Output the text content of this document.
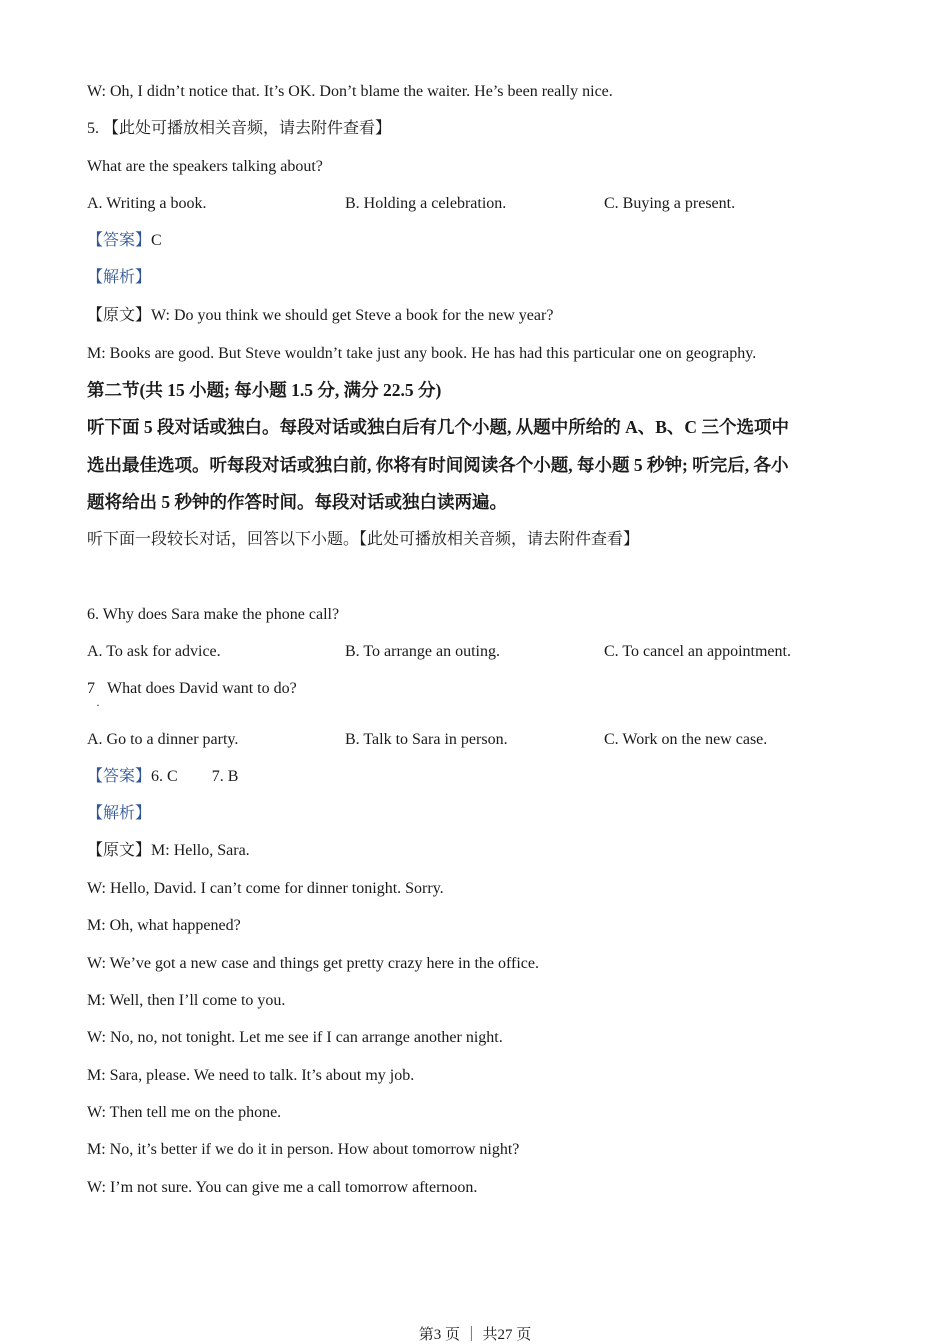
W: Oh, I didn’t notice that. It’s OK. Don’t blame the waiter. He’s been really nice.
5. 【此处可播放相关音频，请去附件查看】
What are the speakers talking about?
A. Writing a book.	B. Holding a celebration.	C. Buying a present.
【答案】C
【解析】
【原文】W: Do you think we should get Steve a book for the new year?
M: Books are good. But Steve wouldn’t take just any book. He has had this particular one on geography.
第二节(共 15 小题; 每小题 1.5 分, 满分 22.5 分)
听下面 5 段对话或独白。每段对话或独白后有几个小题, 从题中所给的 A、B、C 三个选项中
选出最佳选项。听每段对话或独白前, 你将有时间阅读各个小题, 每小题 5 秒钟; 听完后, 各小
题将给出 5 秒钟的作答时间。每段对话或独白读两遍。
听下面一段较长对话，回答以下小题。【此处可播放相关音频，请去附件查看】
6. Why does Sara make the phone call?
A. To ask for advice.	B. To arrange an outing.	C. To cancel an appointment.
7 What does David want to do?
·
A. Go to a dinner party.	B. Talk to Sara in person.	C. Work on the new case.
【答案】6. C 7. B
【解析】
【原文】M: Hello, Sara.
W: Hello, David. I can’t come for dinner tonight. Sorry.
M: Oh, what happened?
W: We’ve got a new case and things get pretty crazy here in the office.
M: Well, then I’ll come to you.
W: No, no, not tonight. Let me see if I can arrange another night.
M: Sara, please. We need to talk. It’s about my job.
W: Then tell me on the phone.
M: No, it’s better if we do it in person. How about tomorrow night?
W: I’m not sure. You can give me a call tomorrow afternoon.
第3 页 ｜ 共27 页
